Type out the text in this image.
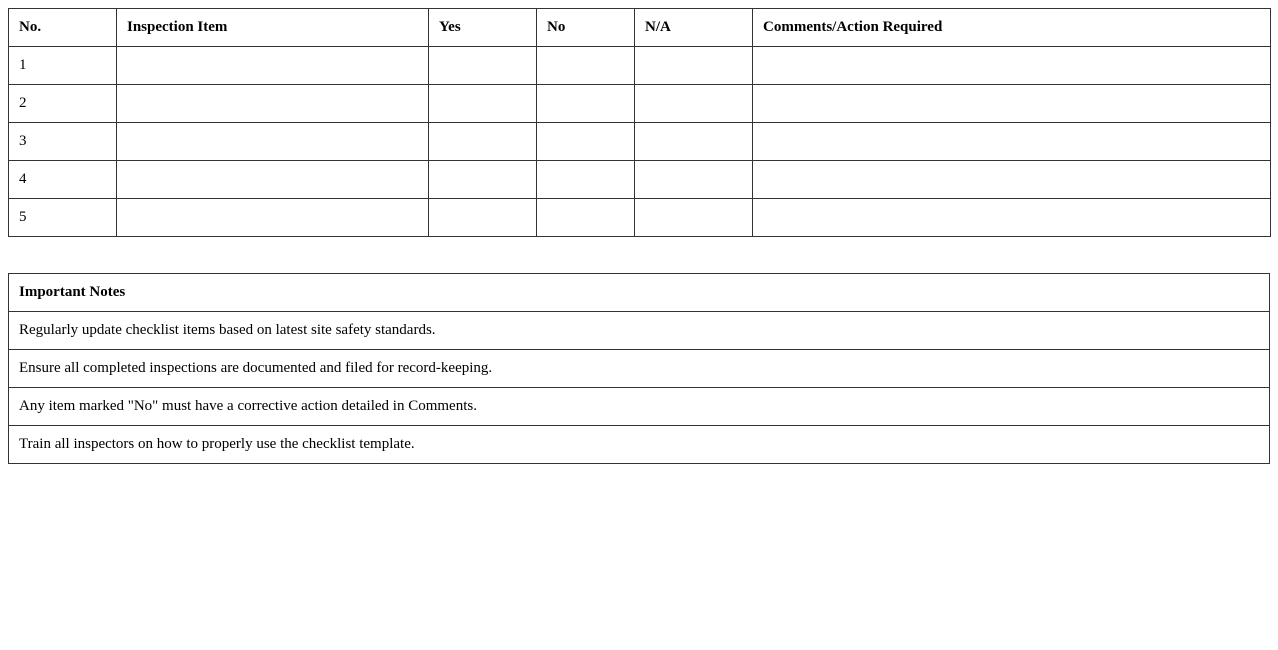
No.	Inspection Item	Yes	No	N/A	Comments/Action Required
1					
2					
3					
4					
5					
Important Notes
Regularly update checklist items based on latest site safety standards.
Ensure all completed inspections are documented and filed for record-keeping.
Any item marked "No" must have a corrective action detailed in Comments.
Train all inspectors on how to properly use the checklist template.
